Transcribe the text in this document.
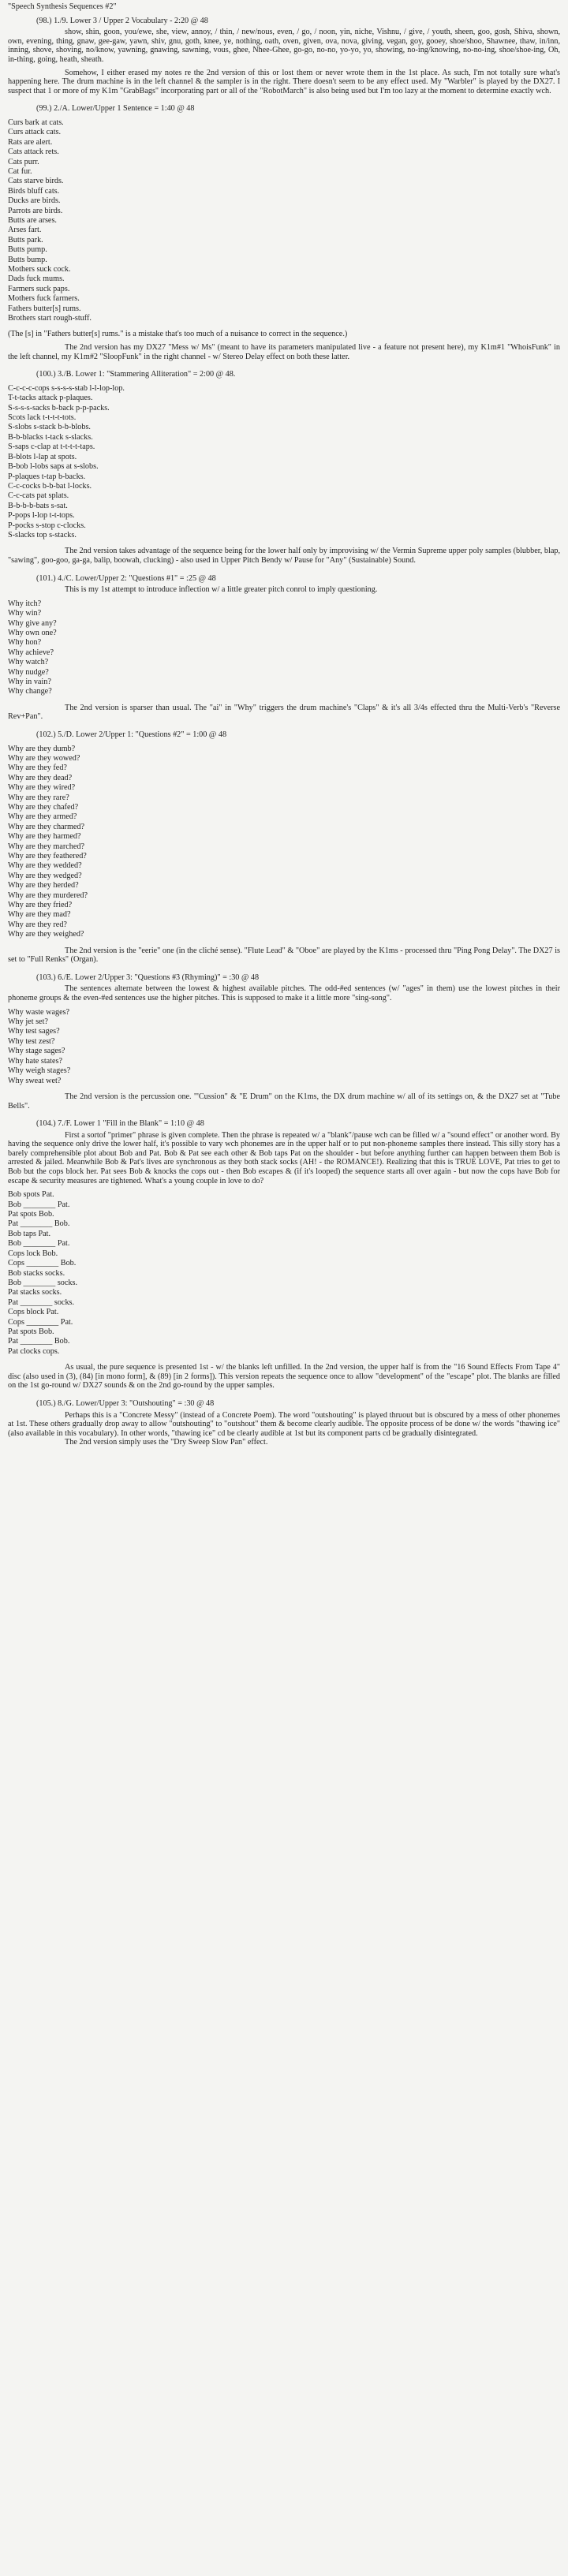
"Speech Synthesis Sequences #2"
(98.) 1./9. Lower 3 / Upper 2 Vocabulary - 2:20 @ 48
show, shin, goon, you/ewe, she, view, annoy, / thin, / new/nous, even, / go, / noon, yin, niche, Vishnu, / give, / youth, sheen, goo, gosh, Shiva, shown, own, evening, thing, gnaw, gee-gaw, yawn, shiv, gnu, goth, knee, ye, nothing, oath, oven, given, ova, nova, giving, vegan, goy, gooey, shoe/shoo, Shawnee, thaw, in/inn, inning, shove, shoving, no/know, yawning, gnawing, sawning, vous, ghee, Nhee-Ghee, go-go, no-no, yo-yo, yo, showing, no-ing/knowing, no-no-ing, shoe/shoe-ing, Oh, in-thing, going, heath, sheath.
Somehow, I either erased my notes re the 2nd version of this or lost them or never wrote them in the 1st place. As such, I'm not totally sure what's happening here. The drum machine is in the left channel & the sampler is in the right. There doesn't seem to be any effect used. My "Warbler" is played by the DX27. I suspect that 1 or more of my K1m "GrabBags" incorporating part or all of the "RobotMarch" is also being used but I'm too lazy at the moment to determine exactly wch.
(99.) 2./A. Lower/Upper 1 Sentence = 1:40 @ 48
Curs bark at cats.
Curs attack cats.
Rats are alert.
Cats attack rets.
Cats purr.
Cat fur.
Cats starve birds.
Birds bluff cats.
Ducks are birds.
Parrots are birds.
Butts are arses.
Arses fart.
Butts park.
Butts pump.
Butts bump.
Mothers suck cock.
Dads fuck mums.
Farmers suck paps.
Mothers fuck farmers.
Fathers butter[s] rums.
Brothers start rough-stuff.
(The [s] in "Fathers butter[s] rums." is a mistake that's too much of a nuisance to correct in the sequence.)
The 2nd version has my DX27 "Mess w/ Ms" (meant to have its parameters manipulated live - a feature not present here), my K1m#1 "WhoisFunk" in the left channel, my K1m#2 "SloopFunk" in the right channel - w/ Stereo Delay effect on both these latter.
(100.) 3./B. Lower 1: "Stammering Alliteration" = 2:00 @ 48.
C-c-c-c-cops s-s-s-s-stab l-l-lop-lop.
T-t-tacks attack p-plaques.
S-s-s-s-sacks b-back p-p-packs.
Scots lack t-t-t-t-tots.
S-slobs s-stack b-b-blobs.
B-b-blacks t-tack s-slacks.
S-saps c-clap at t-t-t-t-taps.
B-blots l-lap at spots.
B-bob l-lobs saps at s-slobs.
P-plaques t-tap b-backs.
C-c-cocks b-b-bat l-locks.
C-c-cats pat splats.
B-b-b-b-bats s-sat.
P-pops l-lop t-t-tops.
P-pocks s-stop c-clocks.
S-slacks top s-stacks.
The 2nd version takes advantage of the sequence being for the lower half only by improvising w/ the Vermin Supreme upper poly samples (blubber, blap, "sawing", goo-goo, ga-ga, balip, boowah, clucking) - also used in Upper Pitch Bendy w/ Pause for "Any" (Sustainable) Sound.
(101.) 4./C. Lower/Upper 2: "Questions #1" = :25 @ 48
This is my 1st attempt to introduce inflection w/ a little greater pitch conrol to imply questioning.
Why itch?
Why win?
Why give any?
Why own one?
Why hon?
Why achieve?
Why watch?
Why nudge?
Why in vain?
Why change?
The 2nd version is sparser than usual. The "ai" in "Why" triggers the drum machine's "Claps" & it's all 3/4s effected thru the Multi-Verb's "Reverse Rev+Pan".
(102.) 5./D. Lower 2/Upper 1: "Questions #2" = 1:00 @ 48
Why are they dumb?
Why are they wowed?
Why are they fed?
Why are they dead?
Why are they wired?
Why are they rare?
Why are they chafed?
Why are they armed?
Why are they charmed?
Why are they harmed?
Why are they marched?
Why are they feathered?
Why are they wedded?
Why are they wedged?
Why are they herded?
Why are they murdered?
Why are they fried?
Why are they mad?
Why are they red?
Why are they weighed?
The 2nd version is the "eerie" one (in the cliché sense). "Flute Lead" & "Oboe" are played by the K1ms - processed thru "Ping Pong Delay". The DX27 is set to "Full Renks" (Organ).
(103.) 6./E. Lower 2/Upper 3: "Questions #3 (Rhyming)" = :30 @ 48
The sentences alternate between the lowest & highest available pitches. The odd-#ed sentences (w/ "ages" in them) use the lowest pitches in their phoneme groups & the even-#ed sentences use the higher pitches. This is supposed to make it a little more "sing-song".
Why waste wages?
Why jet set?
Why test sages?
Why test zest?
Why stage sages?
Why hate states?
Why weigh stages?
Why sweat wet?
The 2nd version is the percussion one. "'Cussion" & "E Drum" on the K1ms, the DX drum machine w/ all of its settings on, & the DX27 set at "Tube Bells".
(104.) 7./F. Lower 1 "Fill in the Blank" = 1:10 @ 48
First a sortof "primer" phrase is given complete. Then the phrase is repeated w/ a "blank"/pause wch can be filled w/ a "sound effect" or another word. By having the sequence only drive the lower half, it's possible to vary wch phonemes are in the upper half or to put non-phoneme samples there instead. This silly story has a barely comprehensible plot about Bob and Pat. Bob & Pat see each other & Bob taps Pat on the shoulder - but before anything further can happen between them Bob is arrested & jailed. Meanwhile Bob & Pat's lives are synchronous as they both stack socks (AH! - the ROMANCE!). Realizing that this is TRUE LOVE, Pat tries to get to Bob but the cops block her. Pat sees Bob & knocks the cops out - then Bob escapes & (if it's looped) the sequence starts all over again - but now the cops have Bob for escape & security measures are tightened. What's a young couple in love to do?
Bob spots Pat.
Bob ________ Pat.
Pat spots Bob.
Pat ________ Bob.
Bob taps Pat.
Bob ________ Pat.
Cops lock Bob.
Cops ________ Bob.
Bob stacks socks.
Bob ________ socks.
Pat stacks socks.
Pat ________ socks.
Cops block Pat.
Cops ________ Pat.
Pat spots Bob.
Pat ________ Bob.
Pat clocks cops.
As usual, the pure sequence is presented 1st - w/ the blanks left unfilled. In the 2nd version, the upper half is from the "16 Sound Effects From Tape 4" disc (also used in (3), (84) [in mono form], & (89) [in 2 forms]). This version repeats the sequence once to allow "development" of the "escape" plot. The blanks are filled on the 1st go-round w/ DX27 sounds & on the 2nd go-round by the upper samples.
(105.) 8./G. Lower/Upper 3: "Outshouting" = :30 @ 48
Perhaps this is a "Concrete Messy" (instead of a Concrete Poem). The word "outshouting" is played thruout but is obscured by a mess of other phonemes at 1st. These others gradually drop away to allow "outshouting" to "outshout" them & become clearly audible. The opposite process of be done w/ the words "thawing ice" (also available in this vocabulary). In other words, "thawing ice" cd be clearly audible at 1st but its component parts cd be gradually disintegrated.
The 2nd version simply uses the "Dry Sweep Slow Pan" effect.
